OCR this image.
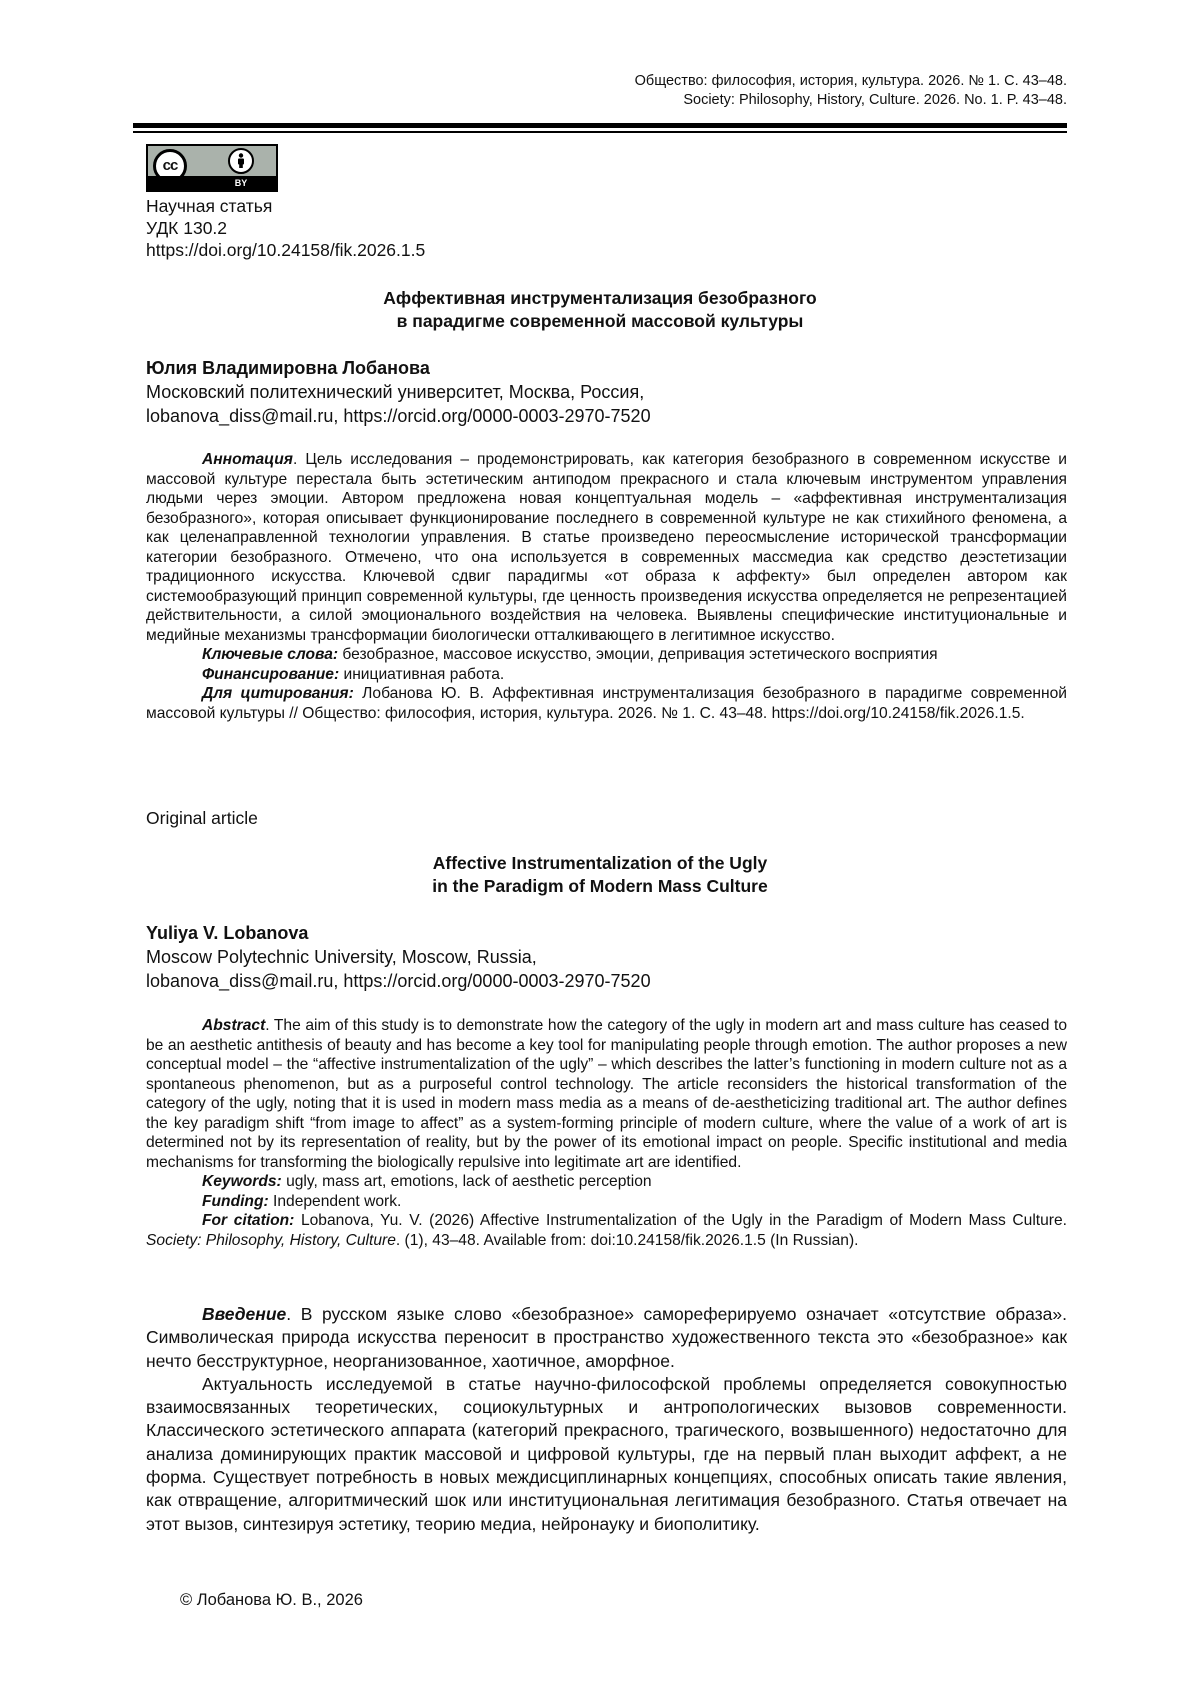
Общество: философия, история, культура. 2026. № 1. С. 43–48.
Society: Philosophy, History, Culture. 2026. No. 1. P. 43–48.
cc
BY
Научная статья
УДК 130.2
https://doi.org/10.24158/fik.2026.1.5
Аффективная инструментализация безобразного
в парадигме современной массовой культуры
Юлия Владимировна Лобанова
Московский политехнический университет, Москва, Россия,
lobanova_diss@mail.ru, https://orcid.org/0000-0003-2970-7520

Аннотация. Цель исследования – продемонстрировать, как категория безобразного в современном искусстве и массовой культуре перестала быть эстетическим антиподом прекрасного и стала ключевым инструментом управления людьми через эмоции. Автором предложена новая концептуальная модель – «аффективная инструментализация безобразного», которая описывает функционирование последнего в современной культуре не как стихийного феномена, а как целенаправленной технологии управления. В статье произведено переосмысление исторической трансформации категории безобразного. Отмечено, что она используется в современных массмедиа как средство деэстетизации традиционного искусства. Ключевой сдвиг парадигмы «от образа к аффекту» был определен автором как системообразующий принцип современной культуры, где ценность произведения искусства определяется не репрезентацией действительности, а силой эмоционального воздействия на человека. Выявлены специфические институциональные и медийные механизмы трансформации биологически отталкивающего в легитимное искусство.

Ключевые слова: безобразное, массовое искусство, эмоции, депривация эстетического восприятия

Финансирование: инициативная работа.

Для цитирования: Лобанова Ю. В. Аффективная инструментализация безобразного в парадигме современной массовой культуры // Общество: философия, история, культура. 2026. № 1. С. 43–48. https://doi.org/10.24158/fik.2026.1.5.

Original article
Affective Instrumentalization of the Ugly
in the Paradigm of Modern Mass Culture
Yuliya V. Lobanova
Moscow Polytechnic University, Moscow, Russia,
lobanova_diss@mail.ru, https://orcid.org/0000-0003-2970-7520

Abstract. The aim of this study is to demonstrate how the category of the ugly in modern art and mass culture has ceased to be an aesthetic antithesis of beauty and has become a key tool for manipulating people through emotion. The author proposes a new conceptual model – the “affective instrumentalization of the ugly” – which describes the latter’s functioning in modern culture not as a spontaneous phenomenon, but as a purposeful control technology. The article reconsiders the historical transformation of the category of the ugly, noting that it is used in modern mass media as a means of de-aestheticizing traditional art. The author defines the key paradigm shift “from image to affect” as a system-forming principle of modern culture, where the value of a work of art is determined not by its representation of reality, but by the power of its emotional impact on people. Specific institutional and media mechanisms for transforming the biologically repulsive into legitimate art are identified.

Keywords: ugly, mass art, emotions, lack of aesthetic perception

Funding: Independent work.

For citation: Lobanova, Yu. V. (2026) Affective Instrumentalization of the Ugly in the Paradigm of Modern Mass Culture. Society: Philosophy, History, Culture. (1), 43–48. Available from: doi:10.24158/fik.2026.1.5 (In Russian).

Введение. В русском языке слово «безобразное» самореферируемо означает «отсутствие образа». Символическая природа искусства переносит в пространство художественного текста это «безобразное» как нечто бесструктурное, неорганизованное, хаотичное, аморфное.

Актуальность исследуемой в статье научно-философской проблемы определяется совокупностью взаимосвязанных теоретических, социокультурных и антропологических вызовов современности. Классического эстетического аппарата (категорий прекрасного, трагического, возвышенного) недостаточно для анализа доминирующих практик массовой и цифровой культуры, где на первый план выходит аффект, а не форма. Существует потребность в новых междисциплинарных концепциях, способных описать такие явления, как отвращение, алгоритмический шок или институциональная легитимация безобразного. Статья отвечает на этот вызов, синтезируя эстетику, теорию медиа, нейронауку и биополитику.

© Лобанова Ю. В., 2026
